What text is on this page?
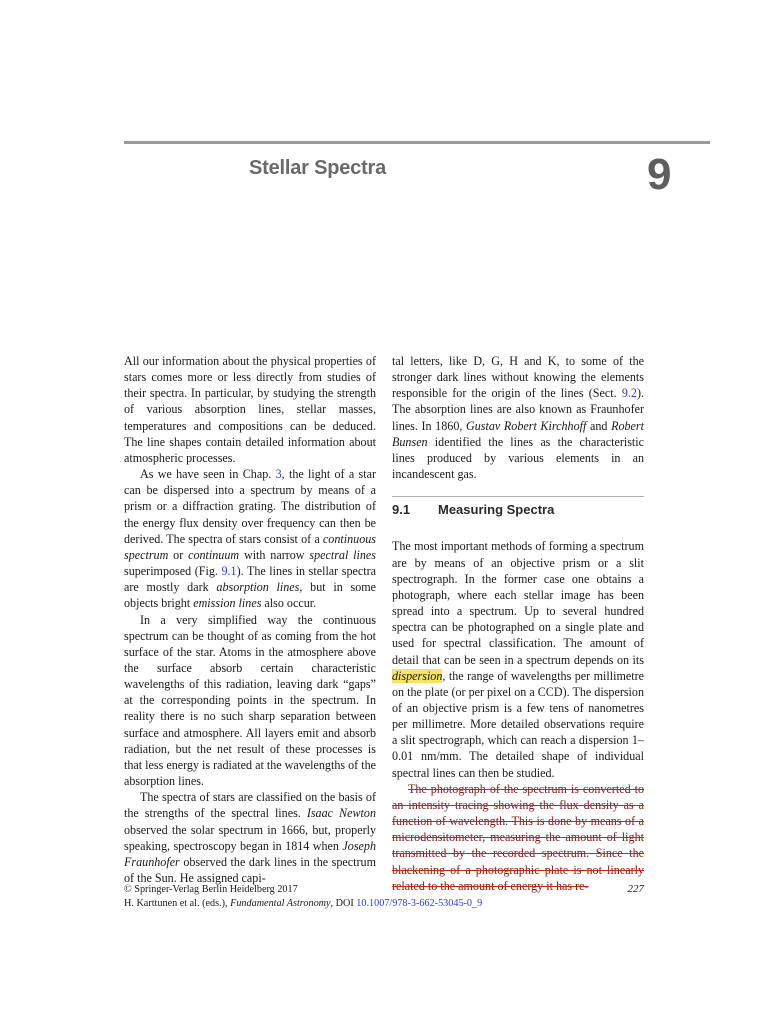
Stellar Spectra	9

All our information about the physical properties of stars comes more or less directly from studies of their spectra. In particular, by studying the strength of various absorption lines, stellar masses, temperatures and compositions can be deduced. The line shapes contain detailed information about atmospheric processes.

As we have seen in Chap. 3, the light of a star can be dispersed into a spectrum by means of a prism or a diffraction grating. The distribution of the energy flux density over frequency can then be derived. The spectra of stars consist of a continuous spectrum or continuum with narrow spectral lines superimposed (Fig. 9.1). The lines in stellar spectra are mostly dark absorption lines, but in some objects bright emission lines also occur.

In a very simplified way the continuous spectrum can be thought of as coming from the hot surface of the star. Atoms in the atmosphere above the surface absorb certain characteristic wavelengths of this radiation, leaving dark “gaps” at the corresponding points in the spectrum. In reality there is no such sharp separation between surface and atmosphere. All layers emit and absorb radiation, but the net result of these processes is that less energy is radiated at the wavelengths of the absorption lines.

The spectra of stars are classified on the basis of the strengths of the spectral lines. Isaac Newton observed the solar spectrum in 1666, but, properly speaking, spectroscopy began in 1814 when Joseph Fraunhofer observed the dark lines in the spectrum of the Sun. He assigned capi-

tal letters, like D, G, H and K, to some of the stronger dark lines without knowing the elements responsible for the origin of the lines (Sect. 9.2). The absorption lines are also known as Fraunhofer lines. In 1860, Gustav Robert Kirchhoff and Robert Bunsen identified the lines as the characteristic lines produced by various elements in an incandescent gas.

9.1 Measuring Spectra

The most important methods of forming a spectrum are by means of an objective prism or a slit spectrograph. In the former case one obtains a photograph, where each stellar image has been spread into a spectrum. Up to several hundred spectra can be photographed on a single plate and used for spectral classification. The amount of detail that can be seen in a spectrum depends on its dispersion, the range of wavelengths per millimetre on the plate (or per pixel on a CCD). The dispersion of an objective prism is a few tens of nanometres per millimetre. More detailed observations require a slit spectrograph, which can reach a dispersion 1–0.01 nm/mm. The detailed shape of individual spectral lines can then be studied.

The photograph of the spectrum is converted to an intensity tracing showing the flux density as a function of wavelength. This is done by means of a microdensitometer, measuring the amount of light transmitted by the recorded spectrum. Since the blackening of a photographic plate is not linearly related to the amount of energy it has re-

© Springer-Verlag Berlin Heidelberg 2017
H. Karttunen et al. (eds.), Fundamental Astronomy, DOI 10.1007/978-3-662-53045-0_9
227
